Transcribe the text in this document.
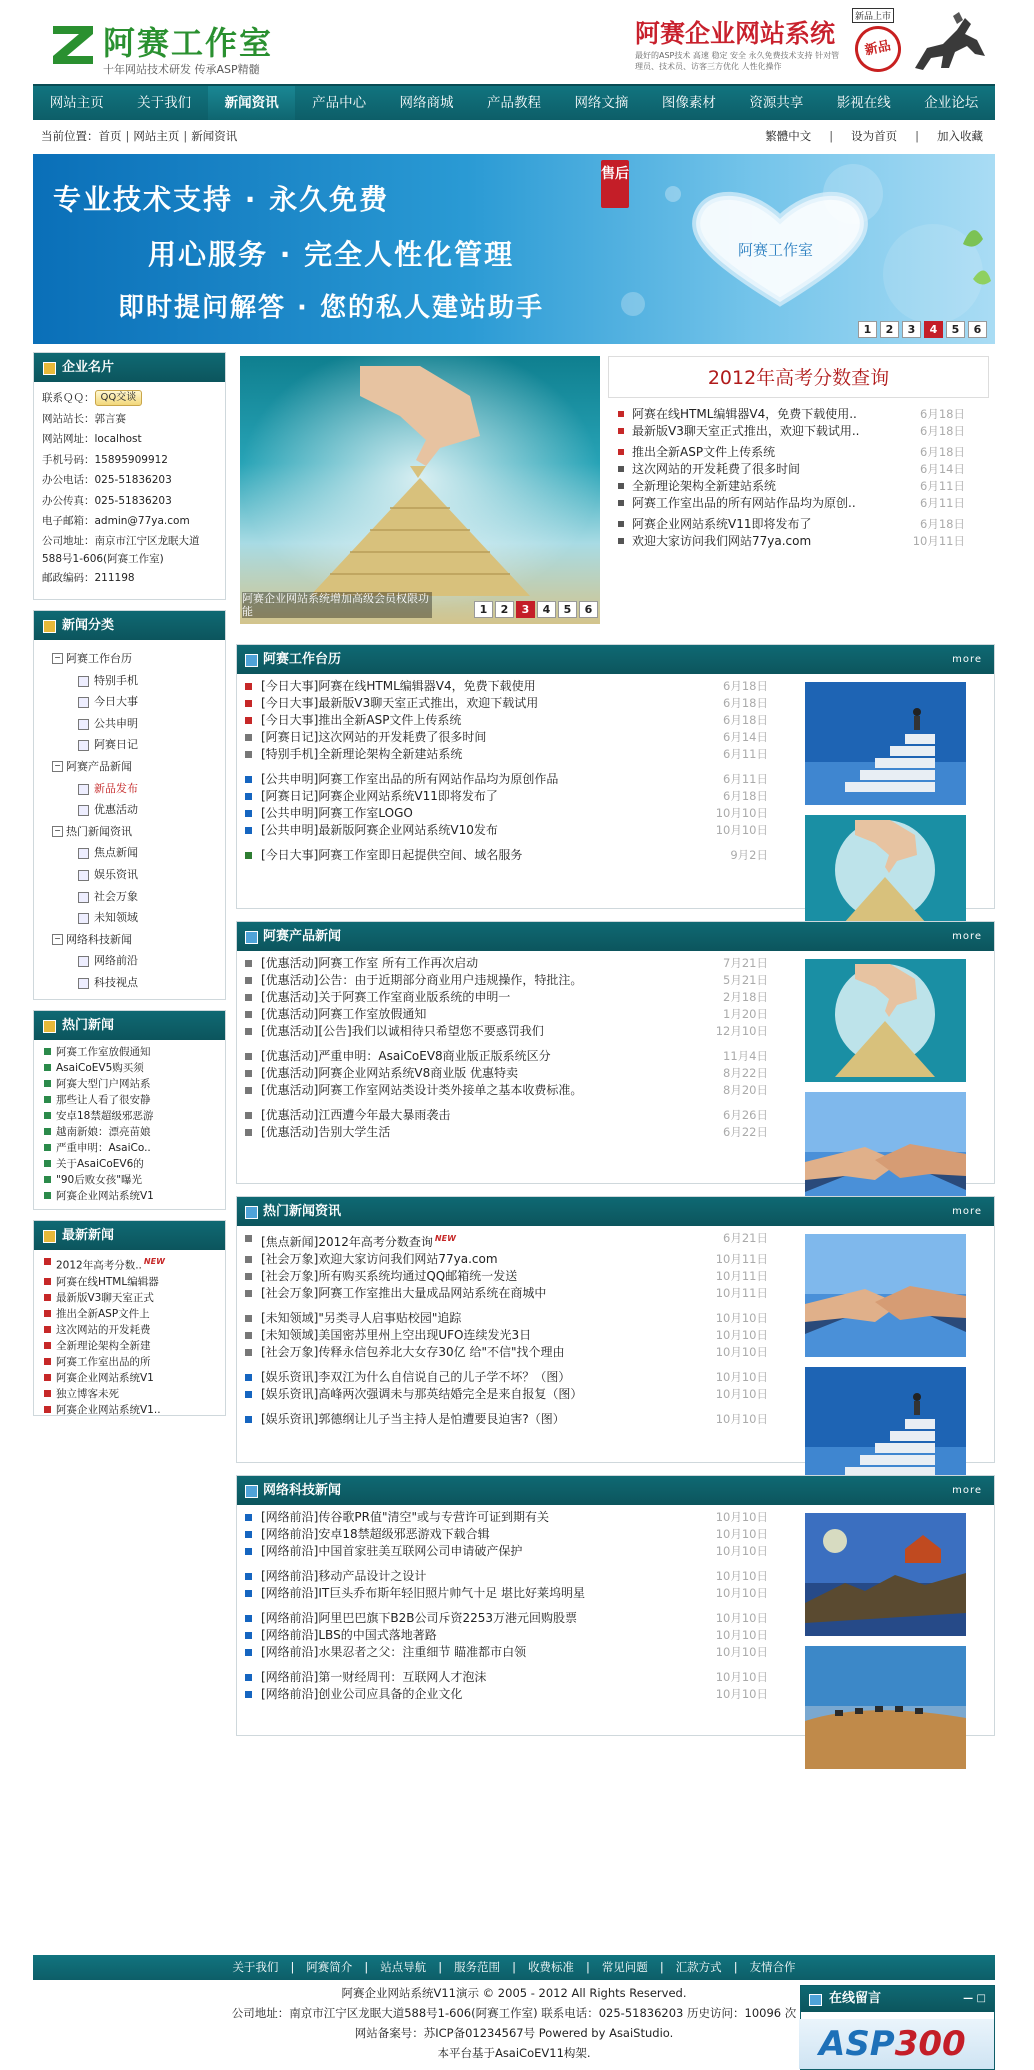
阿赛工作室
十年网站技术研发 传承ASP精髓
阿赛企业网站系统
最好的ASP技术 高速 稳定 安全 永久免费技术支持 针对管理员、技术员、访客三方优化 人性化操作
新品上市
新品
网站主页	关于我们	新闻资讯	产品中心	网络商城	产品教程	网络文摘	图像素材	资源共享	影视在线	企业论坛
当前位置：首页 | 网站主页 | 新闻资讯	繁體中文 | 设为首页 | 加入收藏
售后
专业技术支持 · 永久免费
用心服务 · 完全人性化管理
即时提问解答 · 您的私人建站助手
阿赛工作室
1	2	3	4	5	6
企业名片
联系ＱＱ： QQ交谈
网站站长：郭言赛
网站网址：localhost
手机号码：15895909912
办公电话：025-51836203
办公传真：025-51836203
电子邮箱：admin@77ya.com
公司地址：南京市江宁区龙眠大道588号1-606(阿赛工作室)
邮政编码：211198
新闻分类
− 阿赛工作台历
特别手机
今日大事
公共申明
阿赛日记
− 阿赛产品新闻
新品发布
优惠活动
− 热门新闻资讯
焦点新闻
娱乐资讯
社会万象
未知领域
− 网络科技新闻
网络前沿
科技视点
热门新闻
阿赛工作室放假通知
AsaiCoEV5购买须
阿赛大型门户网站系
那些让人看了很安静
安卓18禁超级邪恶游
越南新娘：漂亮苗娘
严重申明：AsaiCo..
关于AsaiCoEV6的
"90后败女孩"曝光
阿赛企业网站系统V1
最新新闻
2012年高考分数.. $^{NEW}$
阿赛在线HTML编辑器
最新版V3聊天室正式
推出全新ASP文件上
这次网站的开发耗费
全新理论架构全新建
阿赛工作室出品的所
阿赛企业网站系统V1
独立博客未死
阿赛企业网站系统V1..
阿赛企业网站系统增加高级会员权限功能	1	2	3	4	5	6
2012年高考分数查询
阿赛在线HTML编辑器V4，免费下载使用..	6月18日
最新版V3聊天室正式推出，欢迎下载试用..	6月18日
推出全新ASP文件上传系统	6月18日
这次网站的开发耗费了很多时间	6月14日
全新理论架构全新建站系统	6月11日
阿赛工作室出品的所有网站作品均为原创..	6月11日
阿赛企业网站系统V11即将发布了	6月18日
欢迎大家访问我们网站77ya.com	10月11日
阿赛工作台历	more
[今日大事]阿赛在线HTML编辑器V4，免费下载使用	6月18日
[今日大事]最新版V3聊天室正式推出，欢迎下载试用	6月18日
[今日大事]推出全新ASP文件上传系统	6月18日
[阿赛日记]这次网站的开发耗费了很多时间	6月14日
[特别手机]全新理论架构全新建站系统	6月11日
[公共申明]阿赛工作室出品的所有网站作品均为原创作品	6月11日
[阿赛日记]阿赛企业网站系统V11即将发布了	6月18日
[公共申明]阿赛工作室LOGO	10月10日
[公共申明]最新版阿赛企业网站系统V10发布	10月10日
[今日大事]阿赛工作室即日起提供空间、域名服务	9月2日
阿赛产品新闻	more
[优惠活动]阿赛工作室 所有工作再次启动	7月21日
[优惠活动]公告：由于近期部分商业用户违规操作，特批注。	5月21日
[优惠活动]关于阿赛工作室商业版系统的申明一	2月18日
[优惠活动]阿赛工作室放假通知	1月20日
[优惠活动][公告]我们以诚相待只希望您不要惑罚我们	12月10日
[优惠活动]严重申明：AsaiCoEV8商业版正版系统区分	11月4日
[优惠活动]阿赛企业网站系统V8商业版 优惠特卖	8月22日
[优惠活动]阿赛工作室网站类设计类外接单之基本收费标准。	8月20日
[优惠活动]江西遭今年最大暴雨袭击	6月26日
[优惠活动]告别大学生活	6月22日
热门新闻资讯	more
[焦点新闻]2012年高考分数查询 $^{NEW}$	6月21日
[社会万象]欢迎大家访问我们网站77ya.com	10月11日
[社会万象]所有购买系统均通过QQ邮箱统一发送	10月11日
[社会万象]阿赛工作室推出大量成品网站系统在商城中	10月11日
[未知领域]"另类寻人启事贴校园"追踪	10月10日
[未知领域]美国密苏里州上空出现UFO连续发光3日	10月10日
[社会万象]传释永信包养北大女存30亿 给"不信"找个理由	10月10日
[娱乐资讯]李双江为什么自信说自己的儿子学不坏？（图）	10月10日
[娱乐资讯]高峰两次强调未与那英结婚完全是来自报复（图）	10月10日
[娱乐资讯]郭德纲让儿子当主持人是怕遭要艮迫害?（图）	10月10日
网络科技新闻	more
[网络前沿]传谷歌PR值"清空"或与专营许可证到期有关	10月10日
[网络前沿]安卓18禁超级邪恶游戏下载合辑	10月10日
[网络前沿]中国首家驻美互联网公司申请破产保护	10月10日
[网络前沿]移动产品设计之设计	10月10日
[网络前沿]IT巨头乔布斯年轻旧照片帅气十足 堪比好莱坞明星	10月10日
[网络前沿]阿里巴巴旗下B2B公司斥资2253万港元回购股票	10月10日
[网络前沿]LBS的中国式落地著路	10月10日
[网络前沿]水果忍者之父：注重细节 瞄准都市白领	10月10日
[网络前沿]第一财经周刊：互联网人才泡沫	10月10日
[网络前沿]创业公司应具备的企业文化	10月10日
关于我们 | 阿赛简介 | 站点导航 | 服务范围 | 收费标准 | 常见问题 | 汇款方式 | 友情合作
阿赛企业网站系统V11演示 © 2005 - 2012 All Rights Reserved.
公司地址：南京市江宁区龙眠大道588号1-606(阿赛工作室) 联系电话：025-51836203 历史访问：10096 次
网站备案号：苏ICP备01234567号 Powered by AsaiStudio.
本平台基于AsaiCoEV11构架.
在线留言	— □
ASP300
